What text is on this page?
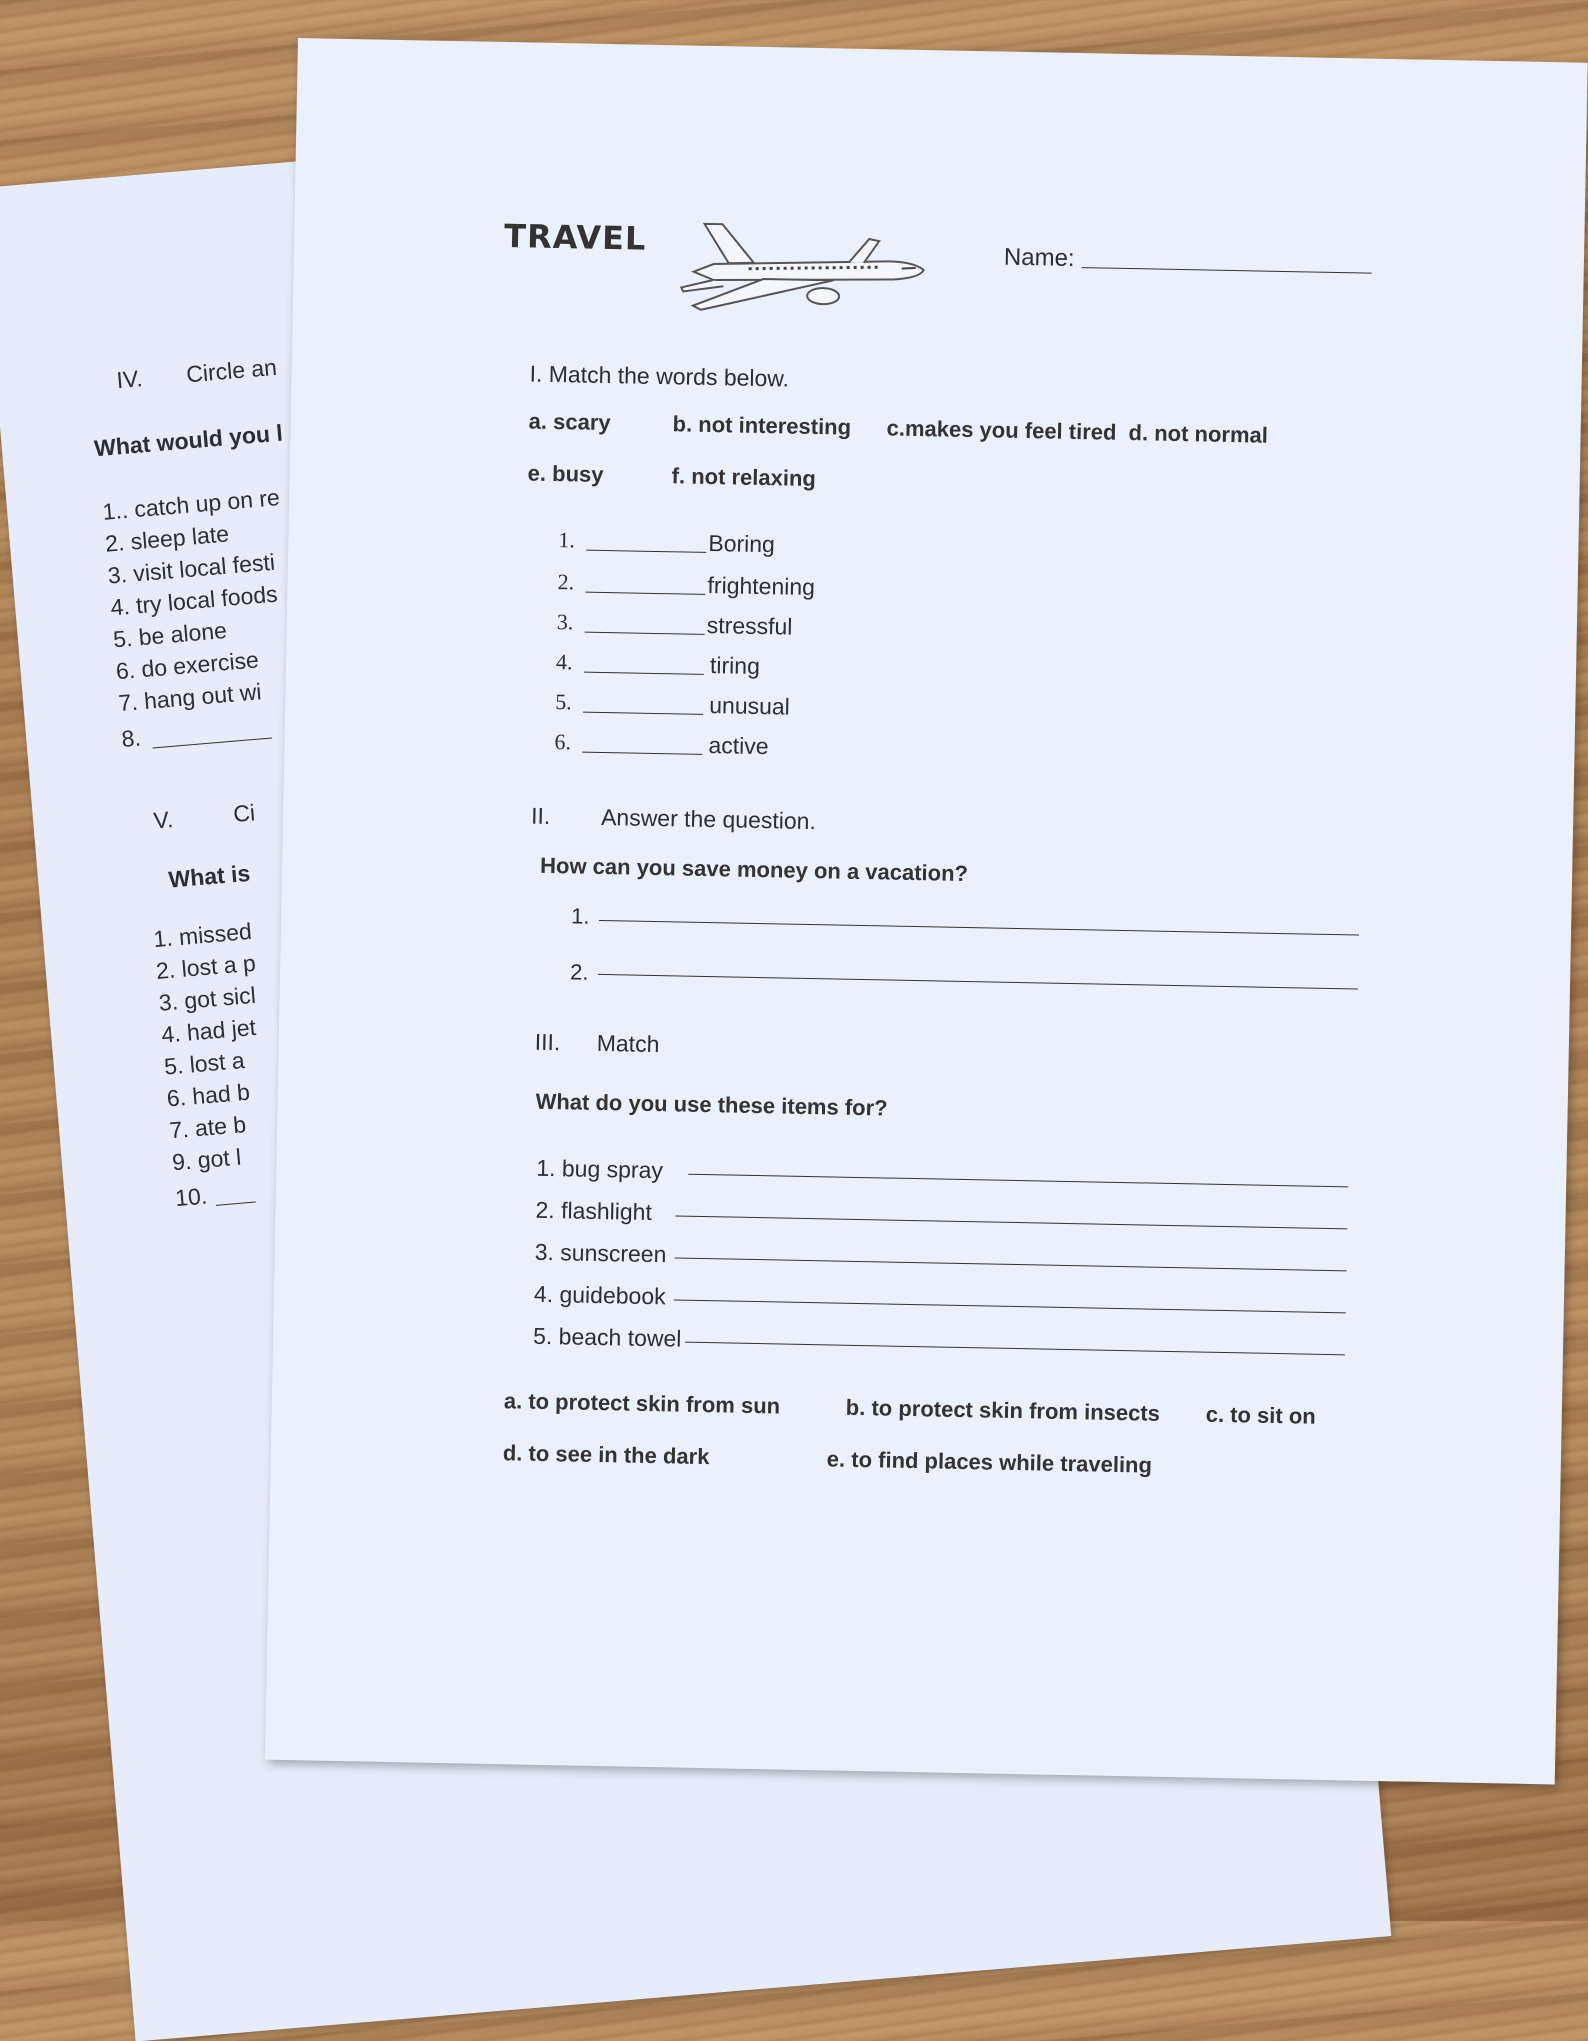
IV. Circle an
What would you l
1.. catch up on re
2. sleep late
3. visit local festi
4. try local foods
5. be alone
6. do exercise
7. hang out wi
8.
V.	Ci
What is
1. missed
2. lost a p
3. got sicl
4. had jet
5. lost a
6. had b
7. ate b
9. got l
10.
TRAVEL
Name:
I. Match the words below.
a. scary	b. not interesting c.makes you feel tired d. not normal
e. busy	f. not relaxing
1.	Boring
2.	frightening
3.	stressful
4.	tiring
5.	unusual
6.	active
II. Answer the question.
How can you save money on a vacation?
1.
2.
III. Match
What do you use these items for?
1. bug spray
2. flashlight
3. sunscreen
4. guidebook
5. beach towel
a. to protect skin from sun	b. to protect skin from insects c. to sit on
d. to see in the dark	e. to find places while traveling
